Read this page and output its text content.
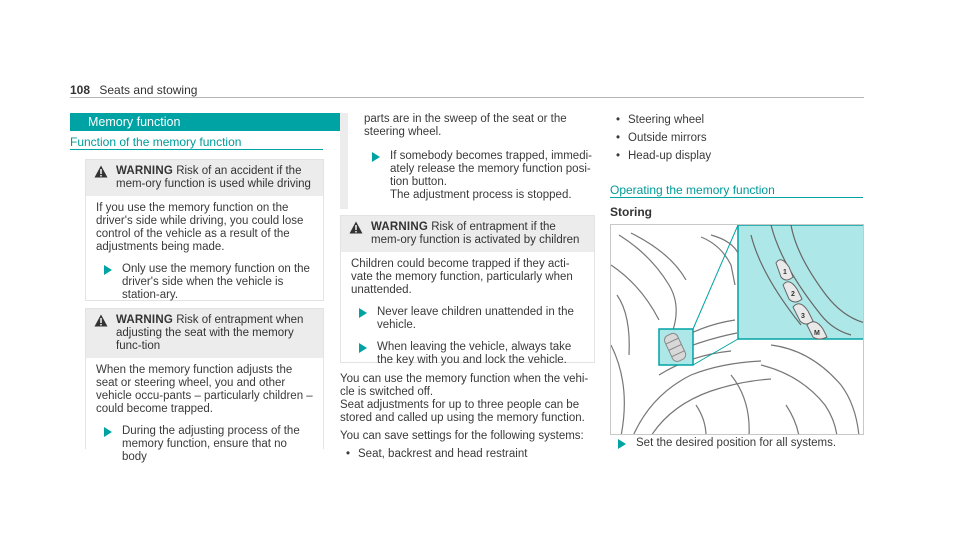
108 Seats and stowing
Memory function
Function of the memory function
WARNING Risk of an accident if the mem-ory function is used while driving
If you use the memory function on the driver's side while driving, you could lose control of the vehicle as a result of the adjustments being made.
Only use the memory function on the driver's side when the vehicle is station-ary.
WARNING Risk of entrapment when adjusting the seat with the memory func-tion
When the memory function adjusts the seat or steering wheel, you and other vehicle occu-pants – particularly children – could become trapped.
During the adjusting process of the memory function, ensure that no body
parts are in the sweep of the seat or the steering wheel.
If somebody becomes trapped, immedi-ately release the memory function posi-tion button.
The adjustment process is stopped.
WARNING Risk of entrapment if the mem-ory function is activated by children
Children could become trapped if they acti-vate the memory function, particularly when unattended.
Never leave children unattended in the vehicle.
When leaving the vehicle, always take the key with you and lock the vehicle.
You can use the memory function when the vehi-cle is switched off.
Seat adjustments for up to three people can be stored and called up using the memory function.
You can save settings for the following systems:
• Seat, backrest and head restraint
• Steering wheel
• Outside mirrors
• Head-up display
Operating the memory function
Storing
1
2
3
M
Set the desired position for all systems.
